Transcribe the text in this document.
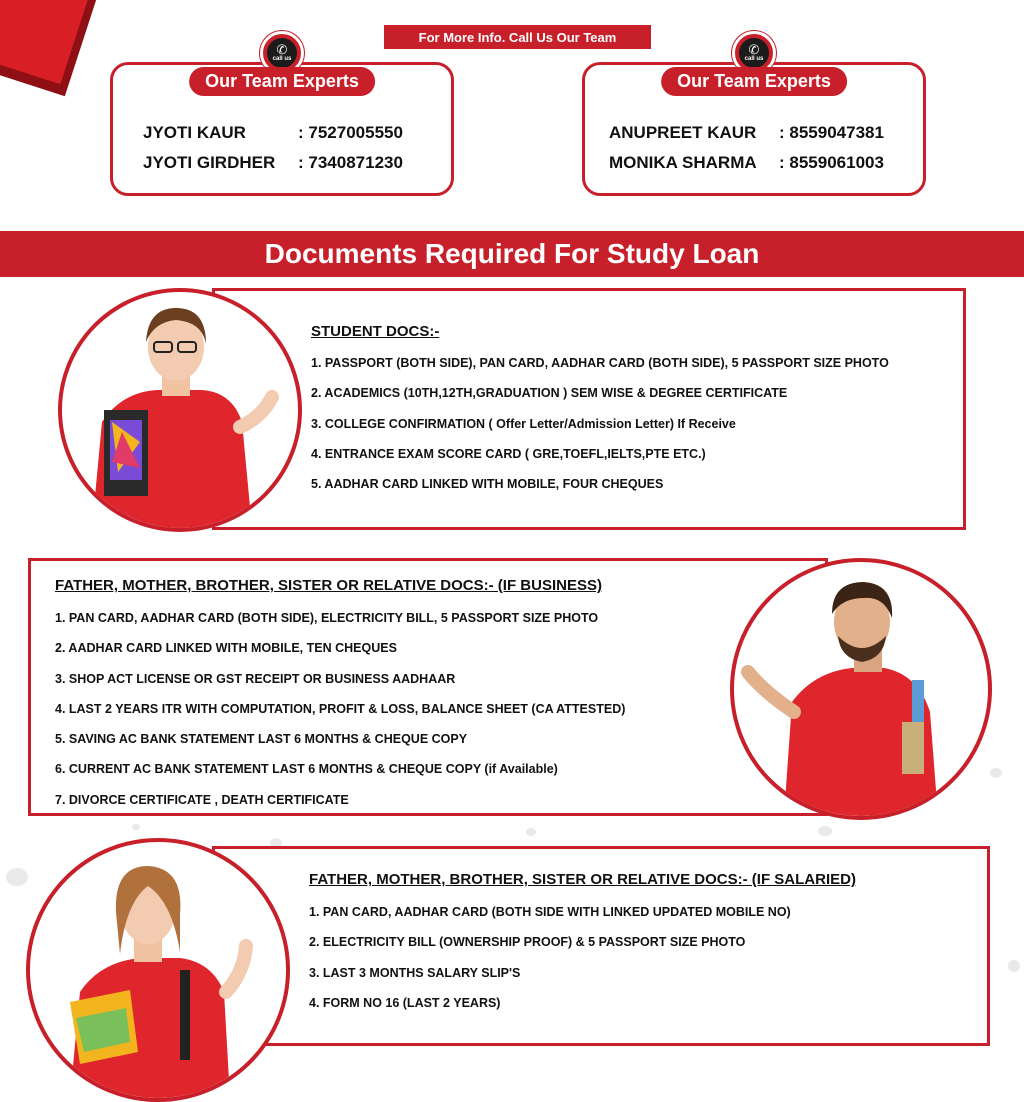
For More Info. Call Us Our Team
✆
call us
Our Team Experts
JYOTI KAUR	: 7527005550
JYOTI GIRDHER : 7340871230
✆
call us
Our Team Experts
ANUPREET KAUR : 8559047381
MONIKA SHARMA : 8559061003
Documents Required For Study Loan
STUDENT DOCS:-
1. PASSPORT (BOTH SIDE), PAN CARD, AADHAR CARD (BOTH SIDE), 5 PASSPORT SIZE PHOTO
2. ACADEMICS (10TH,12TH,GRADUATION ) SEM WISE & DEGREE CERTIFICATE
3. COLLEGE CONFIRMATION ( Offer Letter/Admission Letter) If Receive
4. ENTRANCE EXAM SCORE CARD ( GRE,TOEFL,IELTS,PTE ETC.)
5. AADHAR CARD LINKED WITH MOBILE, FOUR CHEQUES
FATHER, MOTHER, BROTHER, SISTER OR RELATIVE DOCS:- (IF BUSINESS)
1. PAN CARD, AADHAR CARD (BOTH SIDE), ELECTRICITY BILL, 5 PASSPORT SIZE PHOTO
2. AADHAR CARD LINKED WITH MOBILE, TEN CHEQUES
3. SHOP ACT LICENSE OR GST RECEIPT OR BUSINESS AADHAAR
4. LAST 2 YEARS ITR WITH COMPUTATION, PROFIT & LOSS, BALANCE SHEET (CA ATTESTED)
5. SAVING AC BANK STATEMENT LAST 6 MONTHS & CHEQUE COPY
6. CURRENT AC BANK STATEMENT LAST 6 MONTHS & CHEQUE COPY (if Available)
7. DIVORCE CERTIFICATE , DEATH CERTIFICATE
FATHER, MOTHER, BROTHER, SISTER OR RELATIVE DOCS:- (IF SALARIED)
1. PAN CARD, AADHAR CARD (BOTH SIDE WITH LINKED UPDATED MOBILE NO)
2. ELECTRICITY BILL (OWNERSHIP PROOF) & 5 PASSPORT SIZE PHOTO
3. LAST 3 MONTHS SALARY SLIP'S
4. FORM NO 16 (LAST 2 YEARS)
